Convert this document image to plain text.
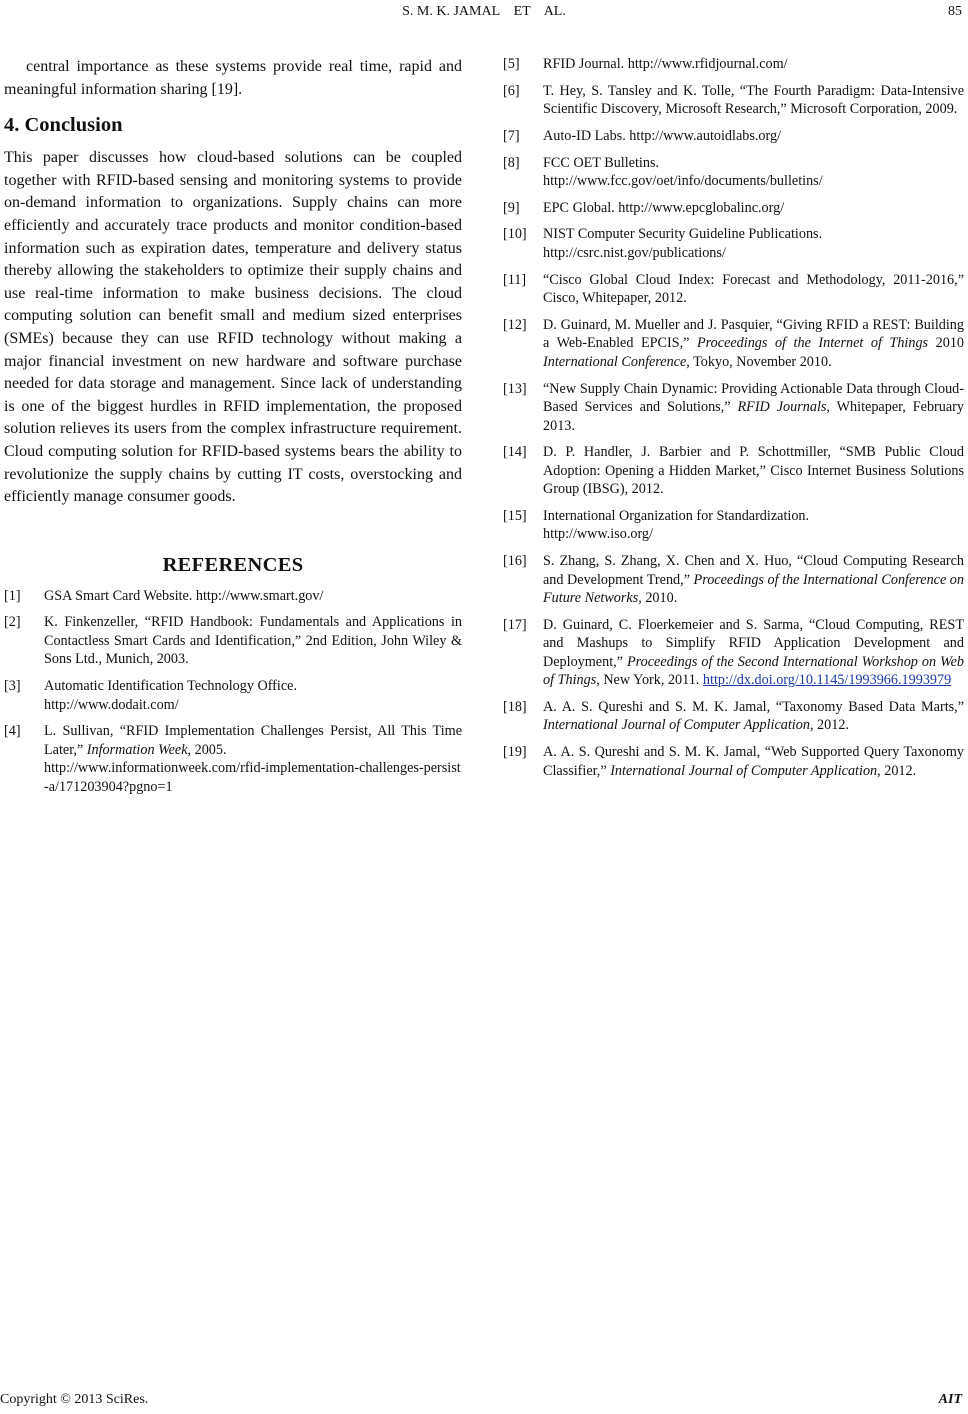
S. M. K. JAMAL    ET    AL.	85

central importance as these systems provide real time, rapid and meaningful information sharing [19].

4. Conclusion

This paper discusses how cloud-based solutions can be coupled together with RFID-based sensing and monitoring systems to provide on-demand information to organizations. Supply chains can more efficiently and accurately trace products and monitor condition-based information such as expiration dates, temperature and delivery status thereby allowing the stakeholders to optimize their supply chains and use real-time information to make business decisions. The cloud computing solution can benefit small and medium sized enterprises (SMEs) because they can use RFID technology without making a major financial investment on new hardware and software purchase needed for data storage and management. Since lack of understanding is one of the biggest hurdles in RFID implementation, the proposed solution relieves its users from the complex infrastructure requirement. Cloud computing solution for RFID-based systems bears the ability to revolutionize the supply chains by cutting IT costs, overstocking and efficiently manage consumer goods.

REFERENCES
[1]	GSA Smart Card Website. http://www.smart.gov/
[2]	K. Finkenzeller, “RFID Handbook: Fundamentals and Applications in Contactless Smart Cards and Identification,” 2nd Edition, John Wiley & Sons Ltd., Munich, 2003.
[3]	Automatic Identification Technology Office.
http://www.dodait.com/
[4]	L. Sullivan, “RFID Implementation Challenges Persist, All This Time Later,” Information Week, 2005.
http://www.informationweek.com/rfid-implementation-challenges-persist-a/171203904?pgno=1
[5]	RFID Journal. http://www.rfidjournal.com/
[6]	T. Hey, S. Tansley and K. Tolle, “The Fourth Paradigm: Data-Intensive Scientific Discovery, Microsoft Research,” Microsoft Corporation, 2009.
[7]	Auto-ID Labs. http://www.autoidlabs.org/
[8]	FCC OET Bulletins.
http://www.fcc.gov/oet/info/documents/bulletins/
[9]	EPC Global. http://www.epcglobalinc.org/
[10]	NIST Computer Security Guideline Publications.
http://csrc.nist.gov/publications/
[11]	“Cisco Global Cloud Index: Forecast and Methodology, 2011-2016,” Cisco, Whitepaper, 2012.
[12]	D. Guinard, M. Mueller and J. Pasquier, “Giving RFID a REST: Building a Web-Enabled EPCIS,” Proceedings of the Internet of Things 2010 International Conference, Tokyo, November 2010.
[13]	“New Supply Chain Dynamic: Providing Actionable Data through Cloud-Based Services and Solutions,” RFID Journals, Whitepaper, February 2013.
[14]	D. P. Handler, J. Barbier and P. Schottmiller, “SMB Public Cloud Adoption: Opening a Hidden Market,” Cisco Internet Business Solutions Group (IBSG), 2012.
[15]	International Organization for Standardization.
http://www.iso.org/
[16]	S. Zhang, S. Zhang, X. Chen and X. Huo, “Cloud Computing Research and Development Trend,” Proceedings of the International Conference on Future Networks, 2010.
[17]	D. Guinard, C. Floerkemeier and S. Sarma, “Cloud Computing, REST and Mashups to Simplify RFID Application Development and Deployment,” Proceedings of the Second International Workshop on Web of Things, New York, 2011. http://dx.doi.org/10.1145/1993966.1993979
[18]	A. A. S. Qureshi and S. M. K. Jamal, “Taxonomy Based Data Marts,” International Journal of Computer Application, 2012.
[19]	A. A. S. Qureshi and S. M. K. Jamal, “Web Supported Query Taxonomy Classifier,” International Journal of Computer Application, 2012.
Copyright © 2013 SciRes.	AIT
